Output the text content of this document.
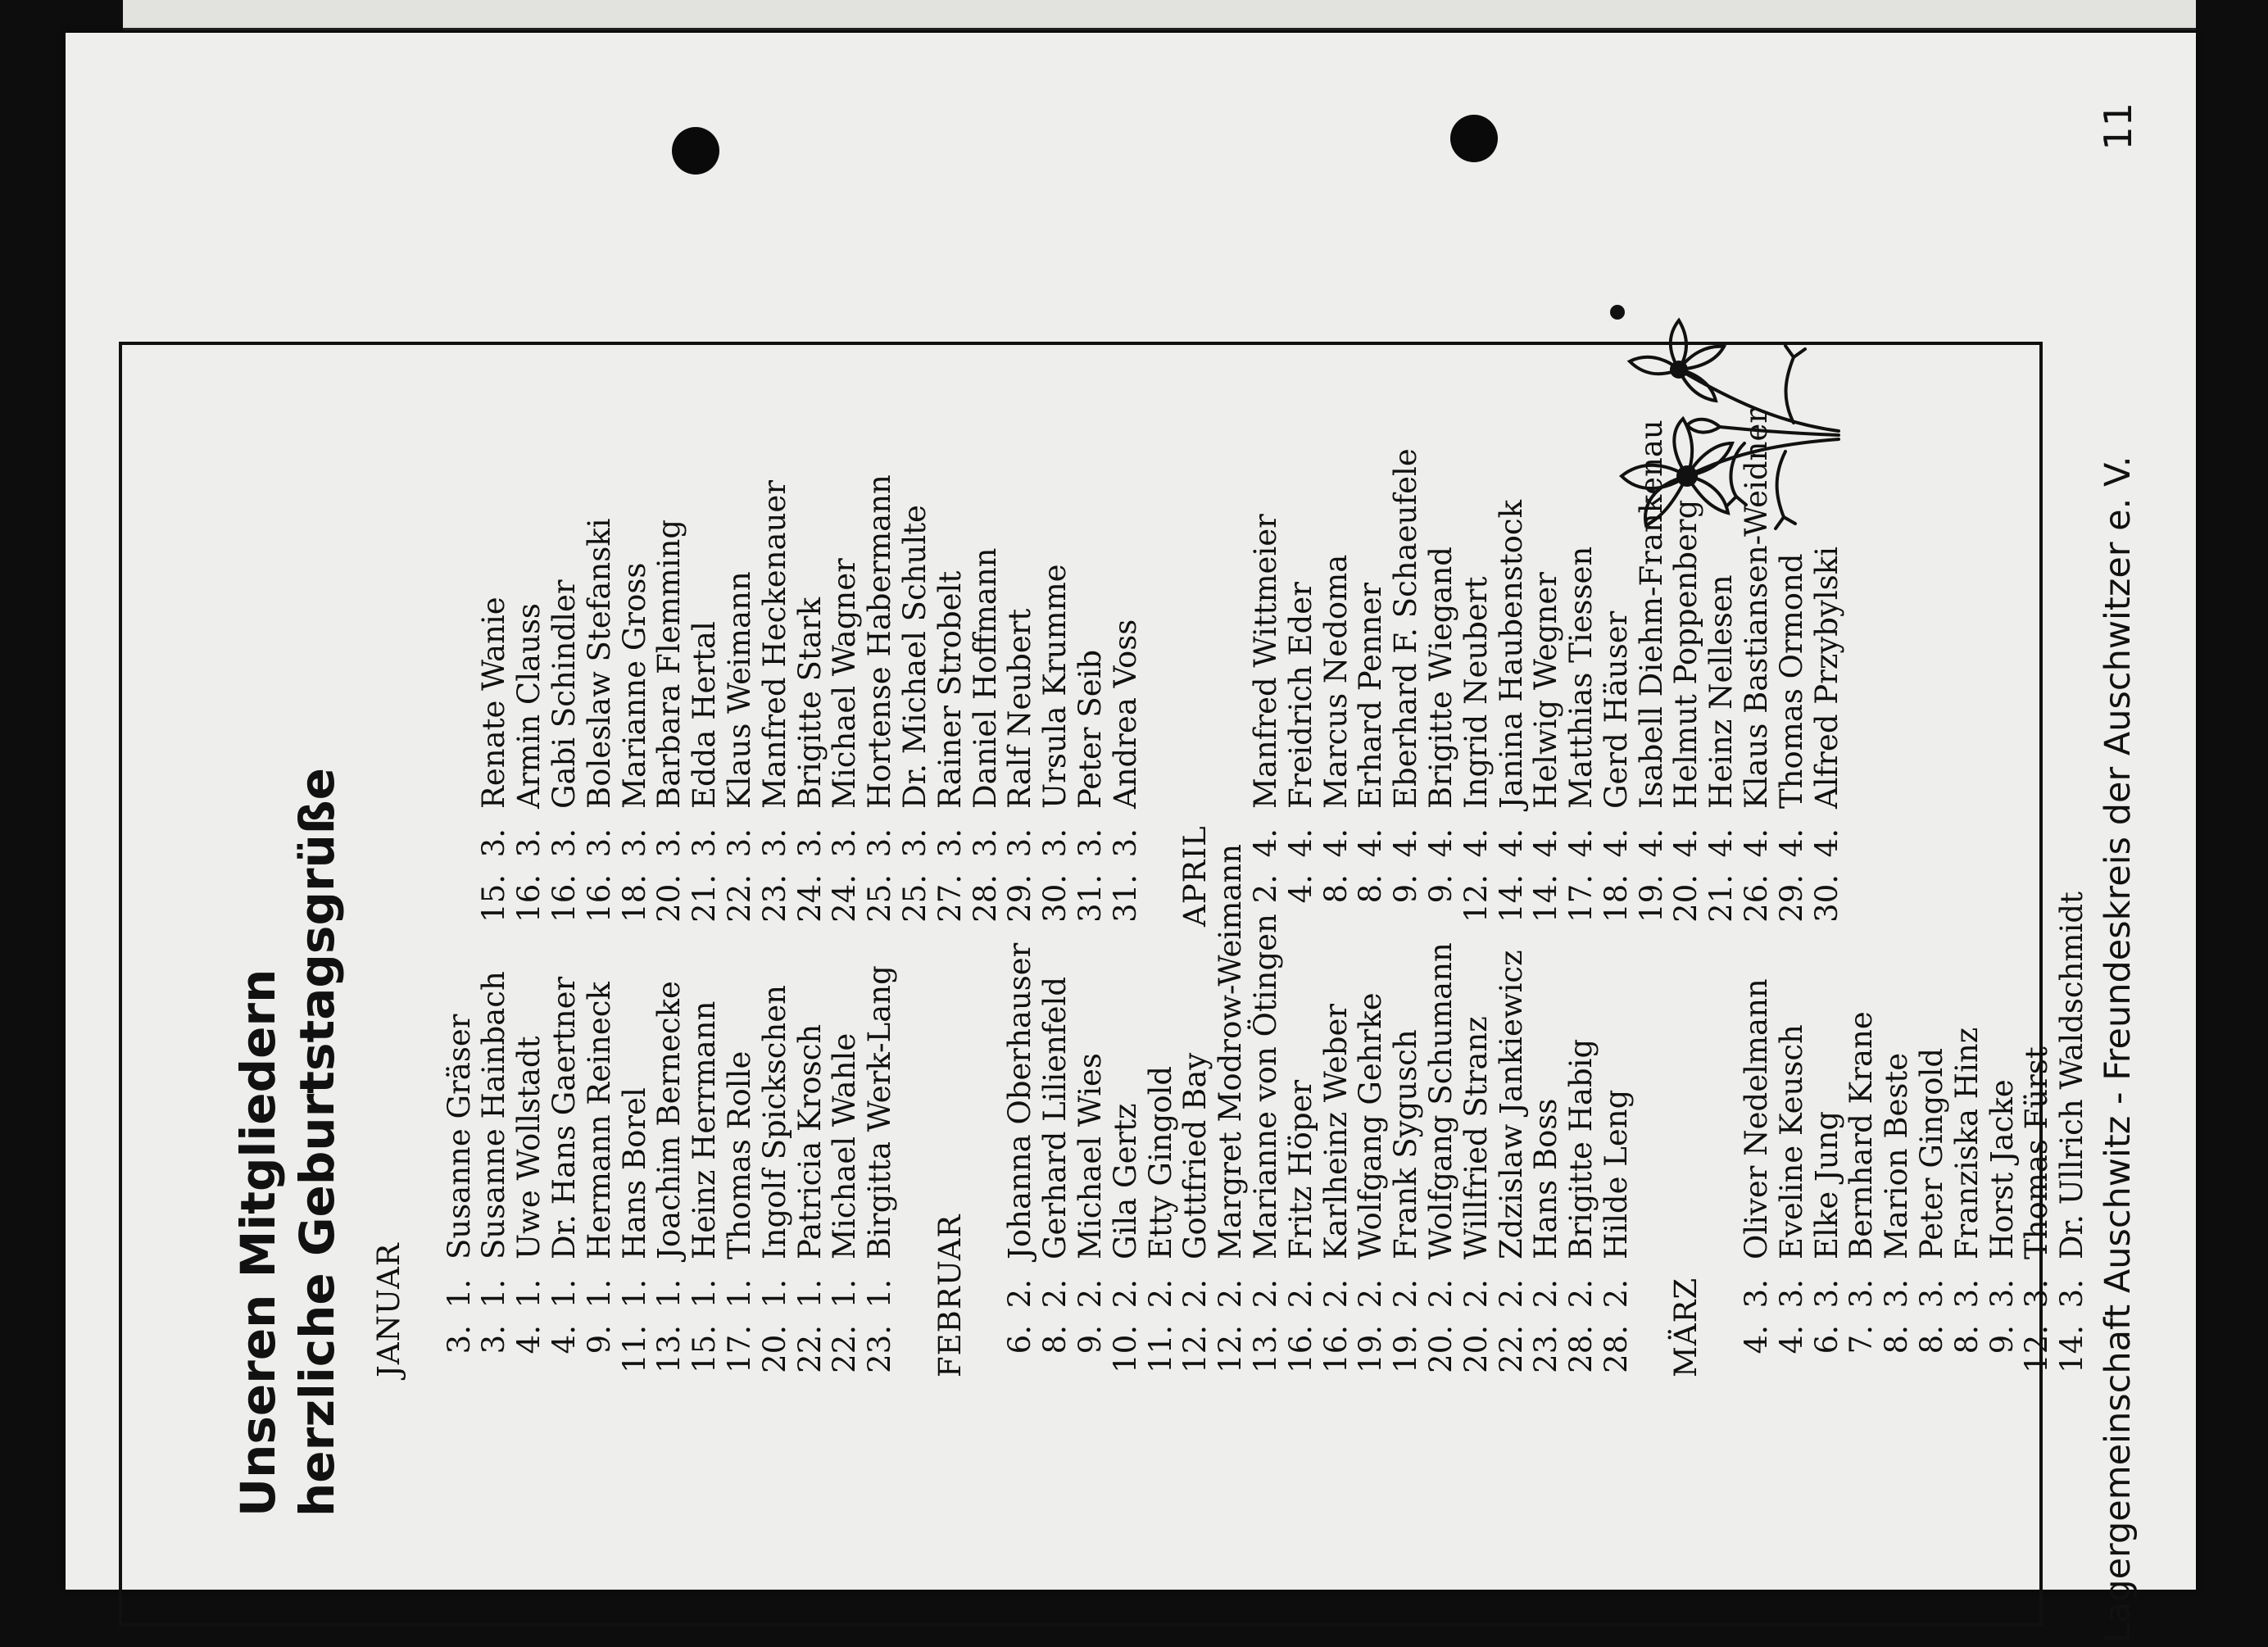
Lagergemeinschaft Auschwitz - Freundeskreis der Auschwitzer e. V.
11
Unseren Mitgliedern herzliche Geburtstagsgrüße JANUAR 3.
1.
Susanne Gräser
3.
1.
Susanne Hainbach
4.
1.
Uwe Wollstadt
4.
1.
Dr. Hans Gaertner
9.
1.
Hermann Reineck
11.
1.
Hans Borel
13.
1.
Joachim Bernecke
15.
1.
Heinz Herrmann
17.
1.
Thomas Rolle
20.
1.
Ingolf Spickschen
22.
1.
Patricia Krosch
22.
1.
Michael Wahle
23.
1.
Birgitta Werk-Lang
FEBRUAR 6.
2.
Johanna Oberhauser
8.
2.
Gerhard Lilienfeld
9.
2.
Michael Wies
10.
2.
Gila Gertz
11.
2.
Etty Gingold
12.
2.
Gottfried Bay
12.
2.
Margret Modrow-Weimann
13.
2.
Marianne von Ötingen
16.
2.
Fritz Höper
16.
2.
Karlheinz Weber
19.
2.
Wolfgang Gehrke
19.
2.
Frank Sygusch
20.
2.
Wolfgang Schumann
20.
2.
Willfried Stranz
22.
2.
Zdzislaw Jankiewicz
23.
2.
Hans Boss
28.
2.
Brigitte Habig
28.
2.
Hilde Leng
MÄRZ 4.
3.
Oliver Nedelmann
4.
3.
Eveline Keusch
6.
3.
Elke Jung
7.
3.
Bernhard Krane
8.
3.
Marion Beste
8.
3.
Peter Gingold
8.
3.
Franziska Hinz
9.
3.
Horst Jacke
12.
3.
Thomas Fürst
14.
3.
Dr. Ullrich Waldschmidt
15.
3.
Renate Wanie
16.
3.
Armin Clauss
16.
3.
Gabi Schindler
16.
3.
Boleslaw Stefanski
18.
3.
Marianne Gross
20.
3.
Barbara Flemming
21.
3.
Edda Hertal
22.
3.
Klaus Weimann
23.
3.
Manfred Heckenauer
24.
3.
Brigitte Stark
24.
3.
Michael Wagner
25.
3.
Hortense Habermann
25.
3.
Dr. Michael Schulte
27.
3.
Rainer Strobelt
28.
3.
Daniel Hoffmann
29.
3.
Ralf Neubert
30.
3.
Ursula Krumme
31.
3.
Peter Seib
31.
3.
Andrea Voss
APRIL 2.
4.
Manfred Wittmeier
4.
4.
Freidrich Eder
8.
4.
Marcus Nedoma
8.
4.
Erhard Penner
9.
4.
Eberhard F. Schaeufele
9.
4.
Brigitte Wiegand
12.
4.
Ingrid Neubert
14.
4.
Janina Haubenstock
14.
4.
Helwig Wegner
17.
4.
Matthias Tiessen
18.
4.
Gerd Häuser
19.
4.
Isabell Diehm-Frankenau
20.
4.
Helmut Poppenberg
21.
4.
Heinz Nellesen
26.
4.
Klaus Bastiansen-Weidner
29.
4.
Thomas Ormond
30.
4.
Alfred Przybylski
